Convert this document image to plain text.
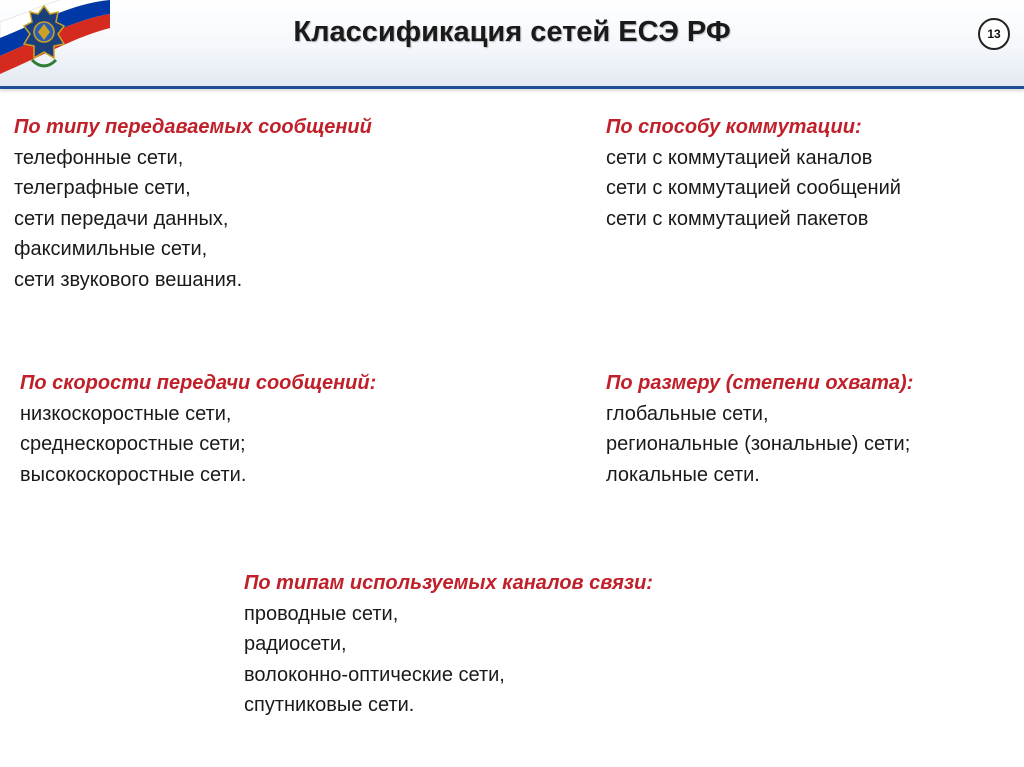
Классификация сетей ЕСЭ РФ	13
По типу передаваемых сообщений
телефонные сети,
телеграфные сети,
сети передачи данных,
факсимильные сети,
сети звукового вешания.
По способу коммутации:
сети с коммутацией каналов
сети с коммутацией сообщений
сети с коммутацией пакетов
По скорости передачи сообщений:
низкоскоростные сети,
среднескоростные сети;
высокоскоростные сети.
По размеру (степени охвата):
глобальные сети,
региональные (зональные) сети;
локальные сети.
По типам используемых каналов связи:
проводные сети,
радиосети,
волоконно-оптические сети,
спутниковые сети.
